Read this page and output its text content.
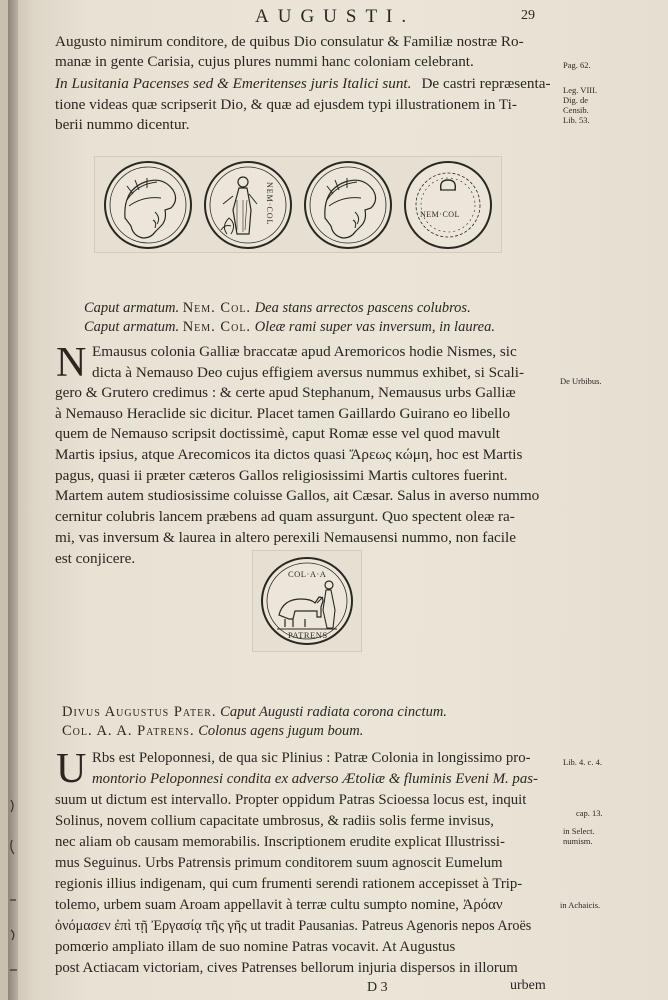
AUGUSTI.	29
Augusto nimirum conditore, de quibus Dio consulatur & Familiæ nostræ Ro-
manæ in gente Carisia, cujus plures nummi hanc coloniam celebrant.
In Lusitania Pacenses sed & Emeritenses juris Italici sunt. De castri repræsenta-
tione videas quæ scripserit Dio, & quæ ad ejusdem typi illustrationem in Ti-
berii nummo dicentur.
Pag. 62.
Leg. VIII.
Dig. de
Censib.
Lib. 53.
De Urbibus.
Lib. 4. c. 4.
cap. 13.
in Select.
numism.
in Achaicis.
NEM·COL	NEM·COL
Caput armatum. Nem. Col. Dea stans arrectos pascens colubros.
Caput armatum. Nem. Col. Oleæ rami super vas inversum, in laurea.
N Emausus colonia Galliæ braccatæ apud Aremoricos hodie Nismes, sic
dicta à Nemauso Deo cujus effigiem aversus nummus exhibet, si Scali-
gero & Grutero credimus : & certe apud Stephanum, Nemausus urbs Galliæ
à Nemauso Heraclide sic dicitur. Placet tamen Gaillardo Guirano eo libello
quem de Nemauso scripsit doctissimè, caput Romæ esse vel quod mavult
Martis ipsius, atque Arecomicos ita dictos quasi Ἄρεως κώμη, hoc est Martis
pagus, quasi ii præter cæteros Gallos religiosissimi Martis cultores fuerint.
Martem autem studiosissime coluisse Gallos, ait Cæsar. Salus in averso nummo
cernitur colubris lancem præbens ad quam assurgunt. Quo spectent oleæ ra-
mi, vas inversum & laurea in altero perexili Nemausensi nummo, non facile
est conjicere.
COL·A·A
PATRENS
Divus Augustus Pater. Caput Augusti radiata corona cinctum.
Col. A. A. Patrens. Colonus agens jugum boum.
U Rbs est Peloponnesi, de qua sic Plinius : Patræ Colonia in longissimo pro-
montorio Peloponnesi condita ex adverso Ætoliæ & fluminis Eveni M. pas-
suum ut dictum est intervallo. Propter oppidum Patras Scioessa locus est, inquit
Solinus, novem collium capacitate umbrosus, & radiis solis ferme invisus,
nec aliam ob causam memorabilis. Inscriptionem erudite explicat Illustrissi-
mus Seguinus. Urbs Patrensis primum conditorem suum agnoscit Eumelum
regionis illius indigenam, qui cum frumenti serendi rationem accepisset à Trip-
tolemo, urbem suam Aroam appellavit à terræ cultu sumpto nomine, Ἀρόαν
ὀνόμασεν ἐπὶ τῇ Ἐργασίᾳ τῆς γῆς ut tradit Pausanias. Patreus Agenoris nepos Aroës
pomœrio ampliato illam de suo nomine Patras vocavit. At Augustus
post Actiacam victoriam, cives Patrenses bellorum injuria dispersos in illorum
D 3	urbem
